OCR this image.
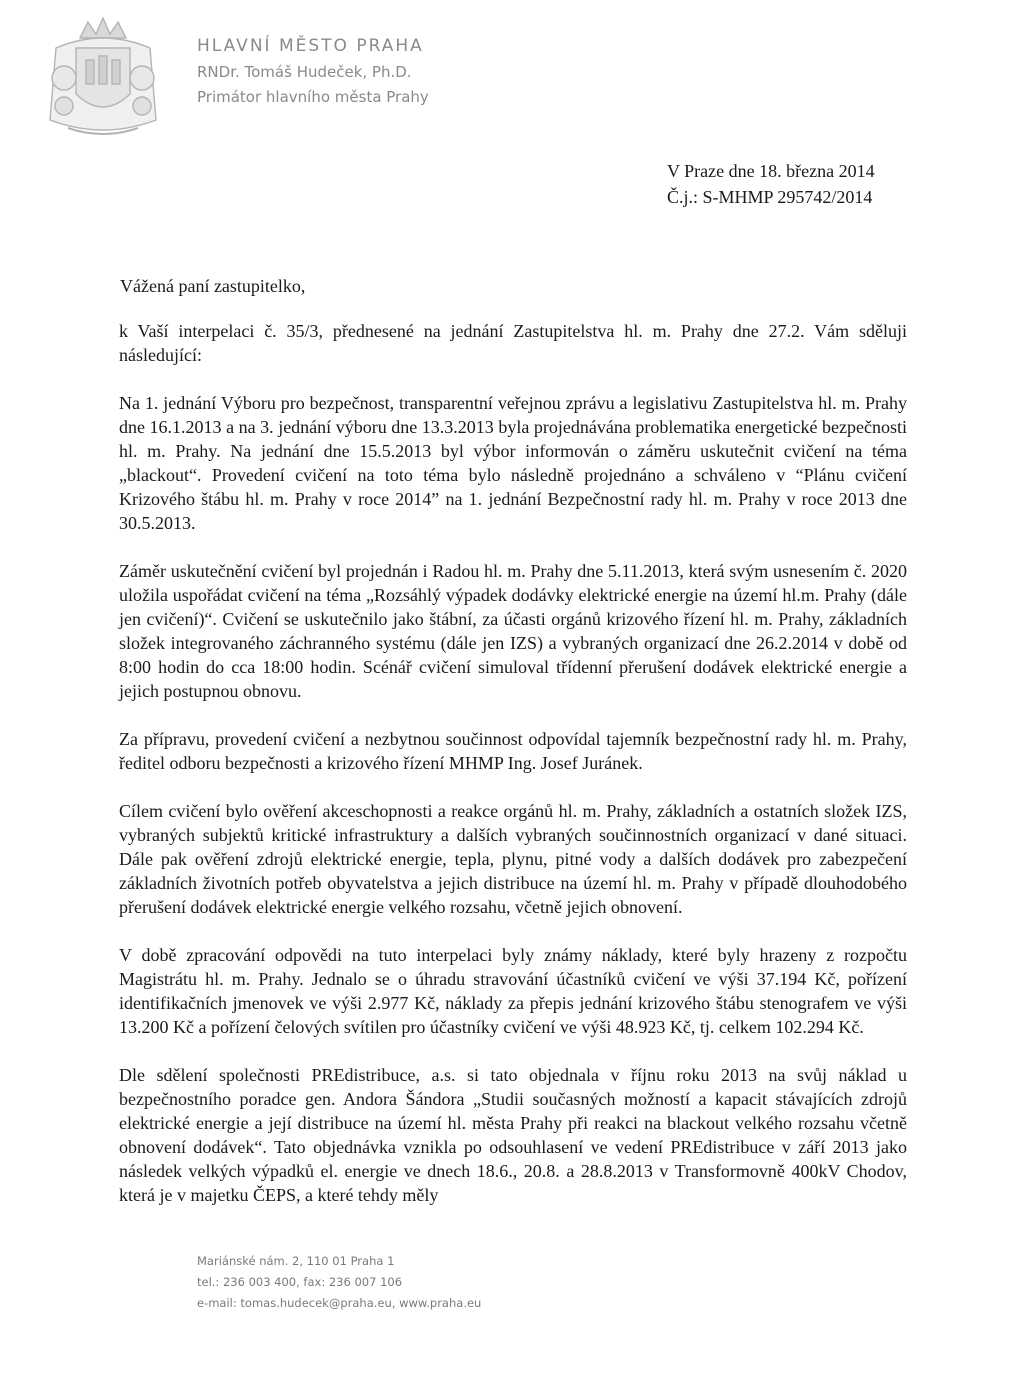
HLAVNÍ MĚSTO PRAHA
RNDr. Tomáš Hudeček, Ph.D.
Primátor hlavního města Prahy
V Praze dne 18. března 2014
Č.j.: S-MHMP 295742/2014
Vážená paní zastupitelko,

k Vaší interpelaci č. 35/3, přednesené na jednání Zastupitelstva hl. m. Prahy dne 27.2. Vám sděluji následující:

Na 1. jednání Výboru pro bezpečnost, transparentní veřejnou zprávu a legislativu Zastupitelstva hl. m. Prahy dne 16.1.2013 a na 3. jednání výboru dne 13.3.2013 byla projednávána problematika energetické bezpečnosti hl. m. Prahy. Na jednání dne 15.5.2013 byl výbor informován o záměru uskutečnit cvičení na téma „blackout“. Provedení cvičení na toto téma bylo následně projednáno a schváleno v “Plánu cvičení Krizového štábu hl. m. Prahy v roce 2014” na 1. jednání Bezpečnostní rady hl. m. Prahy v roce 2013 dne 30.5.2013.

Záměr uskutečnění cvičení byl projednán i Radou hl. m. Prahy dne 5.11.2013, která svým usnesením č. 2020 uložila uspořádat cvičení na téma „Rozsáhlý výpadek dodávky elektrické energie na území hl.m. Prahy (dále jen cvičení)“. Cvičení se uskutečnilo jako štábní, za účasti orgánů krizového řízení hl. m. Prahy, základních složek integrovaného záchranného systému (dále jen IZS) a vybraných organizací dne 26.2.2014 v době od 8:00 hodin do cca 18:00 hodin. Scénář cvičení simuloval třídenní přerušení dodávek elektrické energie a jejich postupnou obnovu.

Za přípravu, provedení cvičení a nezbytnou součinnost odpovídal tajemník bezpečnostní rady hl. m. Prahy, ředitel odboru bezpečnosti a krizového řízení MHMP Ing. Josef Juránek.

Cílem cvičení bylo ověření akceschopnosti a reakce orgánů hl. m. Prahy, základních a ostatních složek IZS, vybraných subjektů kritické infrastruktury a dalších vybraných součinnostních organizací v dané situaci. Dále pak ověření zdrojů elektrické energie, tepla, plynu, pitné vody a dalších dodávek pro zabezpečení základních životních potřeb obyvatelstva a jejich distribuce na území hl. m. Prahy v případě dlouhodobého přerušení dodávek elektrické energie velkého rozsahu, včetně jejich obnovení.

V době zpracování odpovědi na tuto interpelaci byly známy náklady, které byly hrazeny z rozpočtu Magistrátu hl. m. Prahy. Jednalo se o úhradu stravování účastníků cvičení ve výši 37.194 Kč, pořízení identifikačních jmenovek ve výši 2.977 Kč, náklady za přepis jednání krizového štábu stenografem ve výši 13.200 Kč a pořízení čelových svítilen pro účastníky cvičení ve výši 48.923 Kč, tj. celkem 102.294 Kč.

Dle sdělení společnosti PREdistribuce, a.s. si tato objednala v říjnu roku 2013 na svůj náklad u bezpečnostního poradce gen. Andora Šándora „Studii současných možností a kapacit stávajících zdrojů elektrické energie a její distribuce na území hl. města Prahy při reakci na blackout velkého rozsahu včetně obnovení dodávek“. Tato objednávka vznikla po odsouhlasení ve vedení PREdistribuce v září 2013 jako následek velkých výpadků el. energie ve dnech 18.6., 20.8. a 28.8.2013 v Transformovně 400kV Chodov, která je v majetku ČEPS, a které tehdy měly

Mariánské nám. 2, 110 01 Praha 1
tel.: 236 003 400, fax: 236 007 106
e-mail: tomas.hudecek@praha.eu, www.praha.eu
